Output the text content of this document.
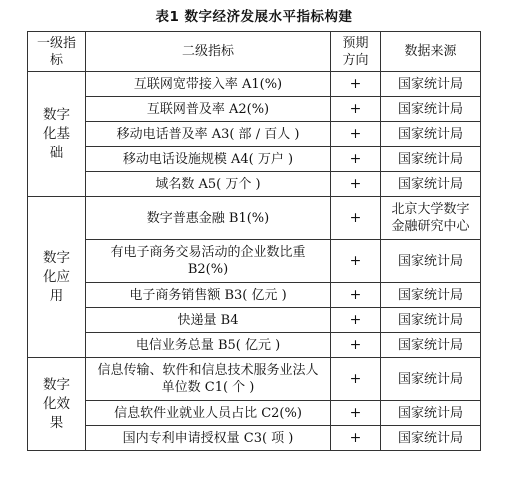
表1 数字经济发展水平指标构建
一级指标	二级指标	预期方向	数据来源
数字化基础	互联网宽带接入率 A1(%)	+	国家统计局
	互联网普及率 A2(%)	+	国家统计局
	移动电话普及率 A3( 部 / 百人 )	+	国家统计局
	移动电话设施规模 A4( 万户 )	+	国家统计局
	域名数 A5( 万个 )	+	国家统计局
数字化应用	数字普惠金融 B1(%)	+	北京大学数字金融研究中心
	有电子商务交易活动的企业数比重 B2(%)	+	国家统计局
	电子商务销售额 B3( 亿元 )	+	国家统计局
	快递量 B4	+	国家统计局
	电信业务总量 B5( 亿元 )	+	国家统计局
数字化效果	信息传输、软件和信息技术服务业法人单位数 C1( 个 )	+	国家统计局
	信息软件业就业人员占比 C2(%)	+	国家统计局
	国内专利申请授权量 C3( 项 )	+	国家统计局
